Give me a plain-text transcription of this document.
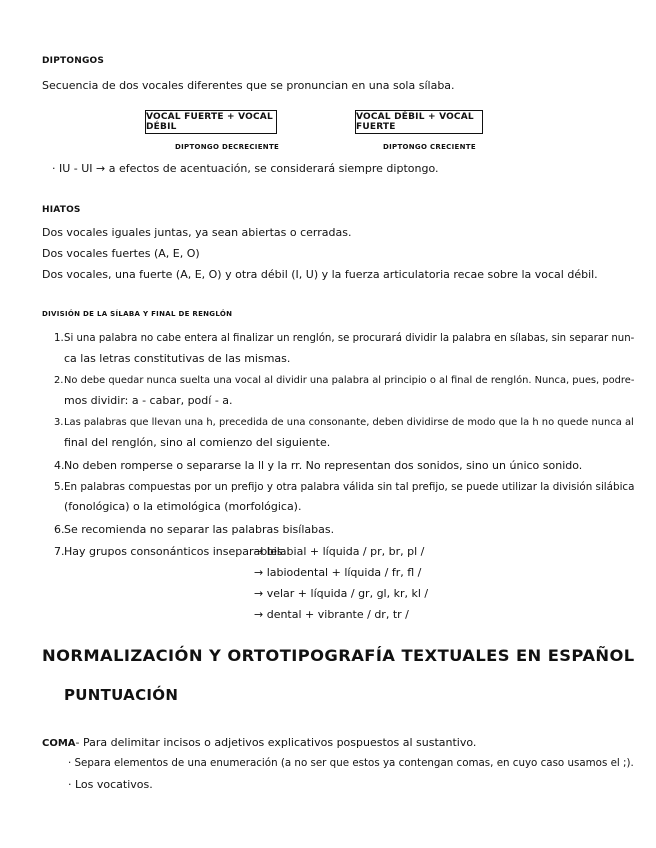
DIPTONGOS
Secuencia de dos vocales diferentes que se pronuncian en una sola sílaba.
VOCAL FUERTE + VOCAL DÉBIL
VOCAL DÉBIL + VOCAL FUERTE
DIPTONGO DECRECIENTE	DIPTONGO CRECIENTE
· IU - UI → a efectos de acentuación, se considerará siempre diptongo.
HIATOS
Dos vocales iguales juntas, ya sean abiertas o cerradas.
Dos vocales fuertes (A, E, O)
Dos vocales, una fuerte (A, E, O) y otra débil (I, U) y la fuerza articulatoria recae sobre la vocal débil.
DIVISIÓN DE LA SÍLABA Y FINAL DE RENGLÓN
1.Si una palabra no cabe entera al finalizar un renglón, se procurará dividir la palabra en sílabas, sin separar nun-
ca las letras constitutivas de las mismas.
2.No debe quedar nunca suelta una vocal al dividir una palabra al principio o al final de renglón. Nunca, pues, podre-
mos dividir: a - cabar, podí - a.
3.Las palabras que llevan una h, precedida de una consonante, deben dividirse de modo que la h no quede nunca al
final del renglón, sino al comienzo del siguiente.
4.No deben romperse o separarse la ll y la rr. No representan dos sonidos, sino un único sonido.
5.En palabras compuestas por un prefijo y otra palabra válida sin tal prefijo, se puede utilizar la división silábica
(fonológica) o la etimológica (morfológica).
6.Se recomienda no separar las palabras bisílabas.
7.Hay grupos consonánticos inseparables
→ bilabial + líquida / pr, br, pl /
→ labiodental + líquida / fr, fl /
→ velar + líquida / gr, gl, kr, kl /
→ dental + vibrante / dr, tr /
NORMALIZACIÓN Y ORTOTIPOGRAFÍA TEXTUALES EN ESPAÑOL
PUNTUACIÓN
COMA- Para delimitar incisos o adjetivos explicativos pospuestos al sustantivo.
· Separa elementos de una enumeración (a no ser que estos ya contengan comas, en cuyo caso usamos el ;).
· Los vocativos.
